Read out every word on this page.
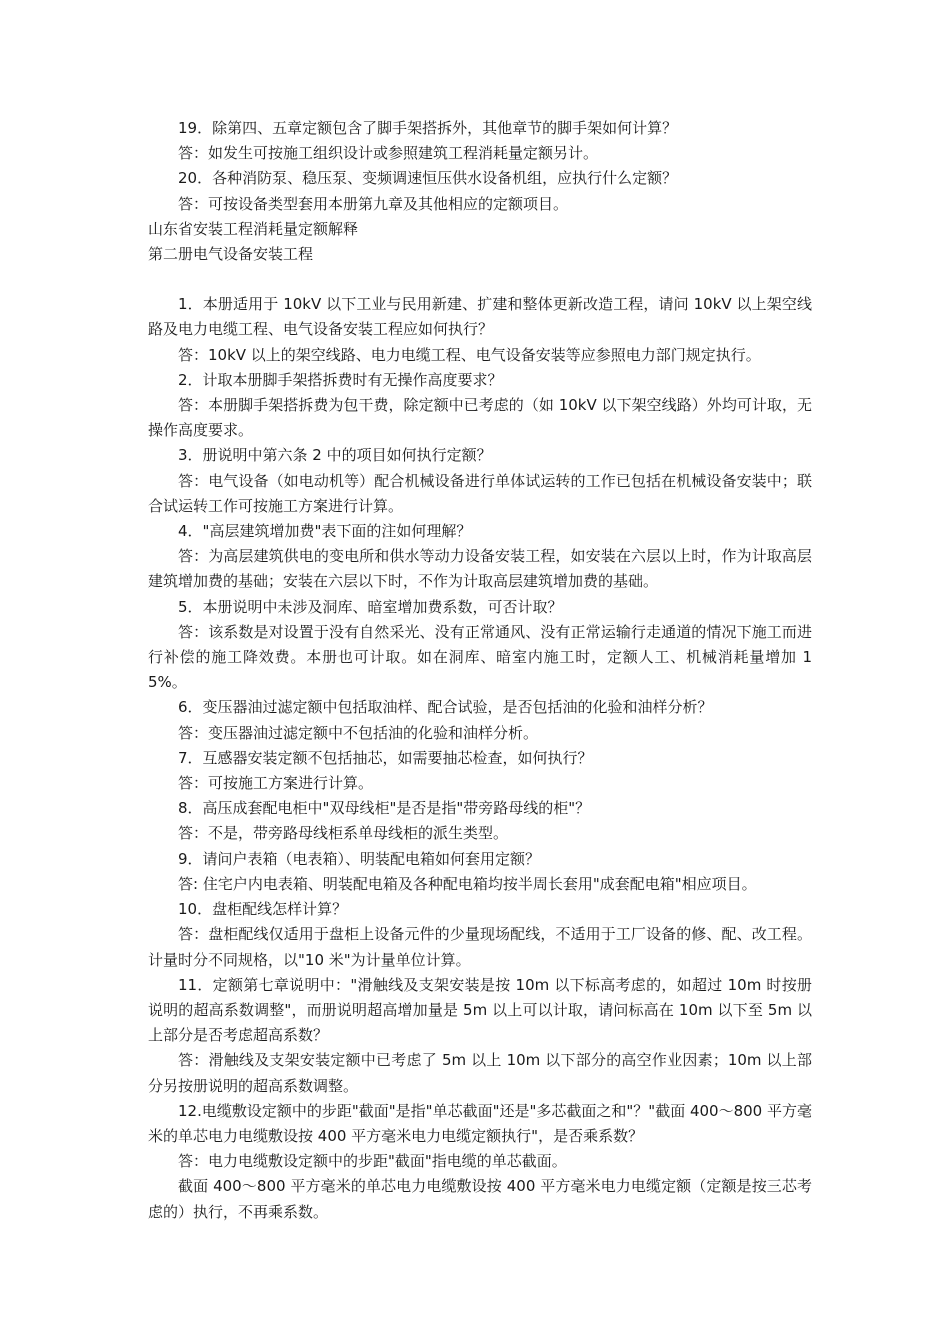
19．除第四、五章定额包含了脚手架搭拆外，其他章节的脚手架如何计算？

答：如发生可按施工组织设计或参照建筑工程消耗量定额另计。

20．各种消防泵、稳压泵、变频调速恒压供水设备机组，应执行什么定额？

答：可按设备类型套用本册第九章及其他相应的定额项目。

山东省安装工程消耗量定额解释

第二册电气设备安装工程

1．本册适用于 10kV 以下工业与民用新建、扩建和整体更新改造工程，请问 10kV 以上架空线路及电力电缆工程、电气设备安装工程应如何执行？

答：10kV 以上的架空线路、电力电缆工程、电气设备安装等应参照电力部门规定执行。

2．计取本册脚手架搭拆费时有无操作高度要求？

答：本册脚手架搭拆费为包干费，除定额中已考虑的（如 10kV 以下架空线路）外均可计取，无操作高度要求。

3．册说明中第六条 2 中的项目如何执行定额？

答：电气设备（如电动机等）配合机械设备进行单体试运转的工作已包括在机械设备安装中；联合试运转工作可按施工方案进行计算。

4．"高层建筑增加费"表下面的注如何理解？

答：为高层建筑供电的变电所和供水等动力设备安装工程，如安装在六层以上时，作为计取高层建筑增加费的基础；安装在六层以下时，不作为计取高层建筑增加费的基础。

5．本册说明中未涉及洞库、暗室增加费系数，可否计取？

答：该系数是对设置于没有自然采光、没有正常通风、没有正常运输行走通道的情况下施工而进行补偿的施工降效费。本册也可计取。如在洞库、暗室内施工时，定额人工、机械消耗量增加 15%。

6．变压器油过滤定额中包括取油样、配合试验，是否包括油的化验和油样分析？

答：变压器油过滤定额中不包括油的化验和油样分析。

7．互感器安装定额不包括抽芯，如需要抽芯检查，如何执行？

答：可按施工方案进行计算。

8．高压成套配电柜中"双母线柜"是否是指"带旁路母线的柜"？

答：不是，带旁路母线柜系单母线柜的派生类型。

9．请问户表箱（电表箱）、明装配电箱如何套用定额？

答: 住宅户内电表箱、明装配电箱及各种配电箱均按半周长套用"成套配电箱"相应项目。

10．盘柜配线怎样计算？

答：盘柜配线仅适用于盘柜上设备元件的少量现场配线，不适用于工厂设备的修、配、改工程。计量时分不同规格，以"10 米"为计量单位计算。

11．定额第七章说明中："滑触线及支架安装是按 10m 以下标高考虑的，如超过 10m 时按册说明的超高系数调整"，而册说明超高增加量是 5m 以上可以计取，请问标高在 10m 以下至 5m 以上部分是否考虑超高系数？

答：滑触线及支架安装定额中已考虑了 5m 以上 10m 以下部分的高空作业因素；10m 以上部分另按册说明的超高系数调整。

12.电缆敷设定额中的步距"截面"是指"单芯截面"还是"多芯截面之和"？"截面 400～800 平方毫米的单芯电力电缆敷设按 400 平方毫米电力电缆定额执行"，是否乘系数？

答：电力电缆敷设定额中的步距"截面"指电缆的单芯截面。

截面 400～800 平方毫米的单芯电力电缆敷设按 400 平方毫米电力电缆定额（定额是按三芯考虑的）执行，不再乘系数。
